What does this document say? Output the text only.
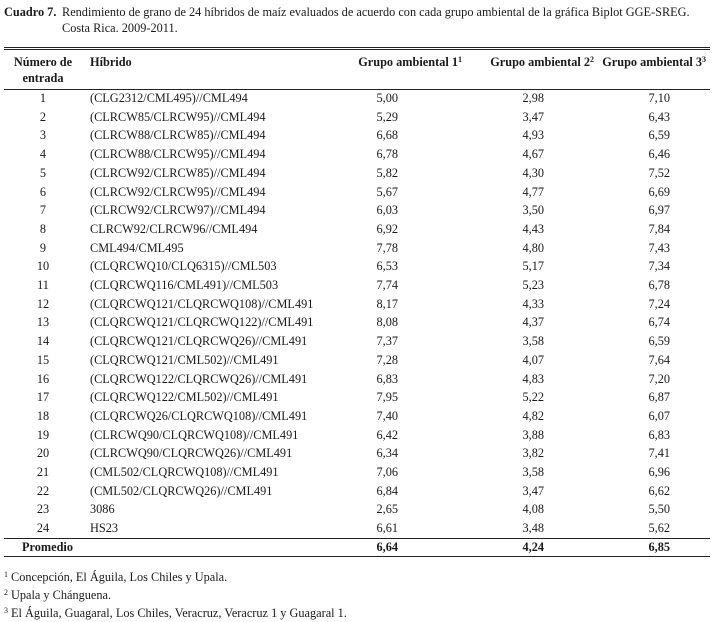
Cuadro 7. Rendimiento de grano de 24 híbridos de maíz evaluados de acuerdo con cada grupo ambiental de la gráfica Biplot GGE-SREG. Costa Rica. 2009-2011.
Número de
entrada	Híbrido	Grupo ambiental $1^1$	Grupo ambiental $2^2$	Grupo ambiental $3^3$
1	(CLG2312/CML495)//CML494	5,00	2,98	7,10
2	(CLRCW85/CLRCW95)//CML494	5,29	3,47	6,43
3	(CLRCW88/CLRCW85)//CML494	6,68	4,93	6,59
4	(CLRCW88/CLRCW95)//CML494	6,78	4,67	6,46
5	(CLRCW92/CLRCW85)//CML494	5,82	4,30	7,52
6	(CLRCW92/CLRCW95)//CML494	5,67	4,77	6,69
7	(CLRCW92/CLRCW97)//CML494	6,03	3,50	6,97
8	CLRCW92/CLRCW96//CML494	6,92	4,43	7,84
9	CML494/CML495	7,78	4,80	7,43
10	(CLQRCWQ10/CLQ6315)//CML503	6,53	5,17	7,34
11	(CLQRCWQ116/CML491)//CML503	7,74	5,23	6,78
12	(CLQRCWQ121/CLQRCWQ108)//CML491	8,17	4,33	7,24
13	(CLQRCWQ121/CLQRCWQ122)//CML491	8,08	4,37	6,74
14	(CLQRCWQ121/CLQRCWQ26)//CML491	7,37	3,58	6,59
15	(CLQRCWQ121/CML502)//CML491	7,28	4,07	7,64
16	(CLQRCWQ122/CLQRCWQ26)//CML491	6,83	4,83	7,20
17	(CLQRCWQ122/CML502)//CML491	7,95	5,22	6,87
18	(CLQRCWQ26/CLQRCWQ108)//CML491	7,40	4,82	6,07
19	(CLRCWQ90/CLQRCWQ108)//CML491	6,42	3,88	6,83
20	(CLRCWQ90/CLQRCWQ26)//CML491	6,34	3,82	7,41
21	(CML502/CLQRCWQ108)//CML491	7,06	3,58	6,96
22	(CML502/CLQRCWQ26)//CML491	6,84	3,47	6,62
23	3086	2,65	4,08	5,50
24	HS23	6,61	3,48	5,62
Promedio		6,64	4,24	6,85
$^1$ Concepción, El Águila, Los Chiles y Upala.
$^2$ Upala y Chánguena.
$^3$ El Águila, Guagaral, Los Chiles, Veracruz, Veracruz 1 y Guagaral 1.
